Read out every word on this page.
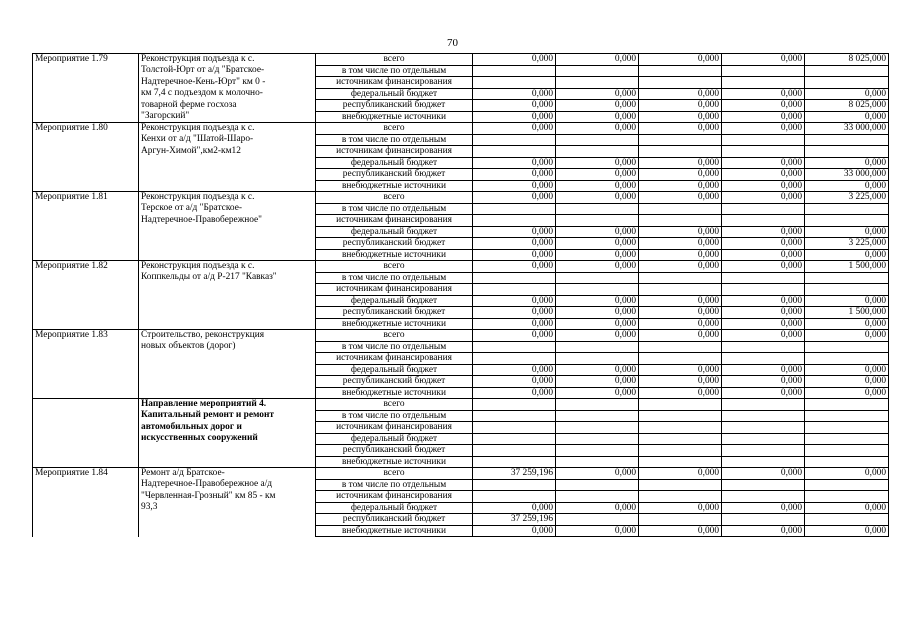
70
Мероприятие 1.79	Реконструкция подъезда к с.	всего	0,000	0,000	0,000	0,000	8 025,000
	Толстой-Юрт от а/д "Братское-	в том числе по отдельным					
	Надтеречное-Кень-Юрт" км 0 -	источникам финансирования					
	км 7,4 с подъездом к молочно-	федеральный бюджет	0,000	0,000	0,000	0,000	0,000
	товарной ферме госхоза	республиканский бюджет	0,000	0,000	0,000	0,000	8 025,000
	"Загорский"	внебюджетные источники	0,000	0,000	0,000	0,000	0,000
Мероприятие 1.80	Реконструкция подъезда к с.	всего	0,000	0,000	0,000	0,000	33 000,000
	Кенхи от а/д "Шатой-Шаро-	в том числе по отдельным					
	Аргун-Химой",км2-км12	источникам финансирования					
		федеральный бюджет	0,000	0,000	0,000	0,000	0,000
		республиканский бюджет	0,000	0,000	0,000	0,000	33 000,000
		внебюджетные источники	0,000	0,000	0,000	0,000	0,000
Мероприятие 1.81	Реконструкция подъезда к с.	всего	0,000	0,000	0,000	0,000	3 225,000
	Терское от а/д "Братское-	в том числе по отдельным					
	Надтеречное-Правобережное"	источникам финансирования					
		федеральный бюджет	0,000	0,000	0,000	0,000	0,000
		республиканский бюджет	0,000	0,000	0,000	0,000	3 225,000
		внебюджетные источники	0,000	0,000	0,000	0,000	0,000
Мероприятие 1.82	Реконструкция подъезда к с.	всего	0,000	0,000	0,000	0,000	1 500,000
	Коппкельды от а/д Р-217 "Кавказ"	в том числе по отдельным					
		источникам финансирования					
		федеральный бюджет	0,000	0,000	0,000	0,000	0,000
		республиканский бюджет	0,000	0,000	0,000	0,000	1 500,000
		внебюджетные источники	0,000	0,000	0,000	0,000	0,000
Мероприятие 1.83	Строительство, реконструкция	всего	0,000	0,000	0,000	0,000	0,000
	новых объектов (дорог)	в том числе по отдельным					
		источникам финансирования					
		федеральный бюджет	0,000	0,000	0,000	0,000	0,000
		республиканский бюджет	0,000	0,000	0,000	0,000	0,000
		внебюджетные источники	0,000	0,000	0,000	0,000	0,000
	Направление мероприятий 4.	всего					
	Капитальный ремонт и ремонт	в том числе по отдельным					
	автомобильных дорог и	источникам финансирования					
	искусственных сооружений	федеральный бюджет					
		республиканский бюджет					
		внебюджетные источники					
Мероприятие 1.84	Ремонт а/д Братское-	всего	37 259,196	0,000	0,000	0,000	0,000
	Надтеречное-Правобережное а/д	в том числе по отдельным					
	"Червленная-Грозный" км 85 - км	источникам финансирования					
	93,3	федеральный бюджет	0,000	0,000	0,000	0,000	0,000
		республиканский бюджет	37 259,196				
		внебюджетные источники	0,000	0,000	0,000	0,000	0,000
